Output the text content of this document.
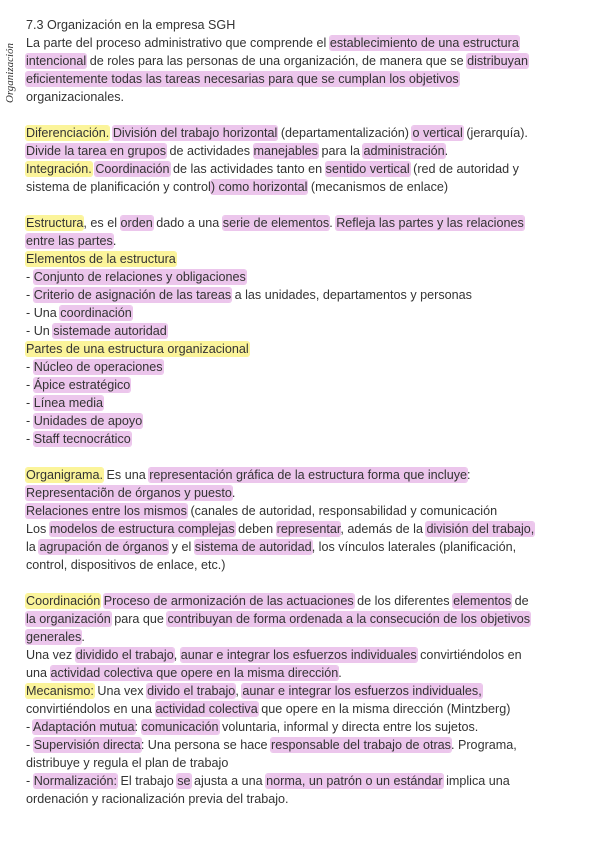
Organización
7.3 Organización en la empresa SGH
La parte del proceso administrativo que comprende el establecimiento de una estructura
intencional de roles para las personas de una organización, de manera que se distribuyan
eficientemente todas las tareas necesarias para que se cumplan los objetivos
organizacionales.
Diferenciación. División del trabajo horizontal (departamentalización) o vertical (jerarquía).
Divide la tarea en grupos de actividades manejables para la administración.
Integración. Coordinación de las actividades tanto en sentido vertical (red de autoridad y
sistema de planificación y control) como horizontal (mecanismos de enlace)
Estructura, es el orden dado a una serie de elementos. Refleja las partes y las relaciones
entre las partes.
Elementos de la estructura
- Conjunto de relaciones y obligaciones
- Criterio de asignación de las tareas a las unidades, departamentos y personas
- Una coordinación
- Un sistemade autoridad
Partes de una estructura organizacional
- Núcleo de operaciones
- Ápice estratégico
- Línea media
- Unidades de apoyo
- Staff tecnocrático
Organigrama. Es una representación gráfica de la estructura forma que incluye:
Representaciõn de órganos y puesto.
Relaciones entre los mismos (canales de autoridad, responsabilidad y comunicación
Los modelos de estructura complejas deben representar, además de la división del trabajo,
la agrupación de órganos y el sistema de autoridad, los vínculos laterales (planificación,
control, dispositivos de enlace, etc.)
Coordinación Proceso de armonización de las actuaciones de los diferentes elementos de
la organización para que contribuyan de forma ordenada a la consecución de los objetivos
generales.
Una vez dividido el trabajo, aunar e integrar los esfuerzos individuales convirtiéndolos en
una actividad colectiva que opere en la misma dirección.
Mecanismo: Una vex divido el trabajo, aunar e integrar los esfuerzos individuales,
convirtiéndolos en una actividad colectiva que opere en la misma dirección (Mintzberg)
- Adaptación mutua: comunicación voluntaria, informal y directa entre los sujetos.
- Supervisión directa: Una persona se hace responsable del trabajo de otras. Programa,
distribuye y regula el plan de trabajo
- Normalización: El trabajo se ajusta a una norma, un patrón o un estándar implica una
ordenación y racionalización previa del trabajo.
